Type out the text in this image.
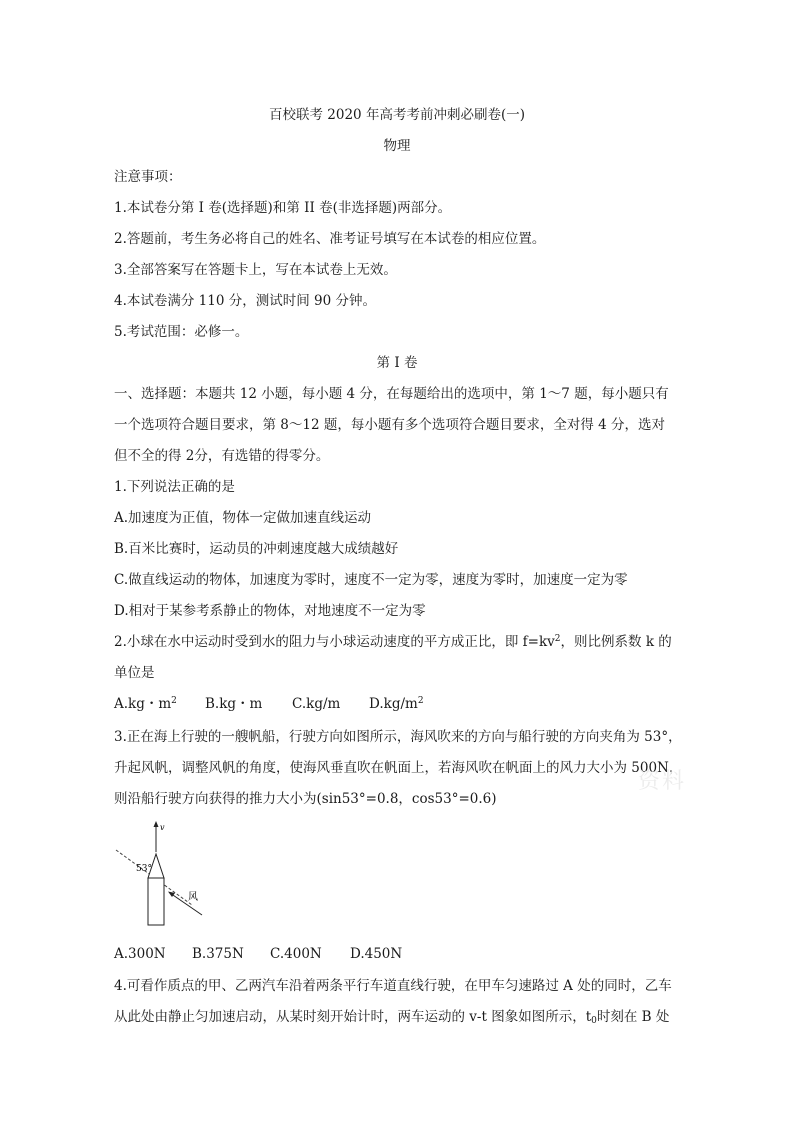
百校联考 2020 年高考考前冲刺必刷卷(一)
物理
注意事项：
1.本试卷分第 I 卷(选择题)和第 II 卷(非选择题)两部分。
2.答题前，考生务必将自己的姓名、准考证号填写在本试卷的相应位置。
3.全部答案写在答题卡上，写在本试卷上无效。
4.本试卷满分 110 分，测试时间 90 分钟。
5.考试范围：必修一。
第 I 卷
一、选择题：本题共 12 小题，每小题 4 分，在每题给出的选项中，第 1～7 题，每小题只有
一个选项符合题目要求，第 8～12 题，每小题有多个选项符合题目要求，全对得 4 分，选对
但不全的得 2分，有选错的得零分。
1.下列说法正确的是
A.加速度为正值，物体一定做加速直线运动
B.百米比赛时，运动员的冲刺速度越大成绩越好
C.做直线运动的物体，加速度为零时，速度不一定为零，速度为零时，加速度一定为零
D.相对于某参考系静止的物体，对地速度不一定为零
2.小球在水中运动时受到水的阻力与小球运动速度的平方成正比，即 $f=kv^2$，则比例系数 k 的
单位是
A.kg・$m^2$ B.kg・m C.kg/m $D.kg/m^2$
3.正在海上行驶的一艘帆船，行驶方向如图所示，海风吹来的方向与船行驶的方向夹角为 53°，
升起风帆，调整风帆的角度，使海风垂直吹在帆面上，若海风吹在帆面上的风力大小为 500N，
则沿船行驶方向获得的推力大小为(sin53°=0.8，cos53°=0.6)
资料
v
53°
风
A.300N B.375N C.400N D.450N
4.可看作质点的甲、乙两汽车沿着两条平行车道直线行驶，在甲车匀速路过 A 处的同时，乙车
从此处由静止匀加速启动，从某时刻开始计时，两车运动的 v-t 图象如图所示，$t_0$时刻在 B 处
